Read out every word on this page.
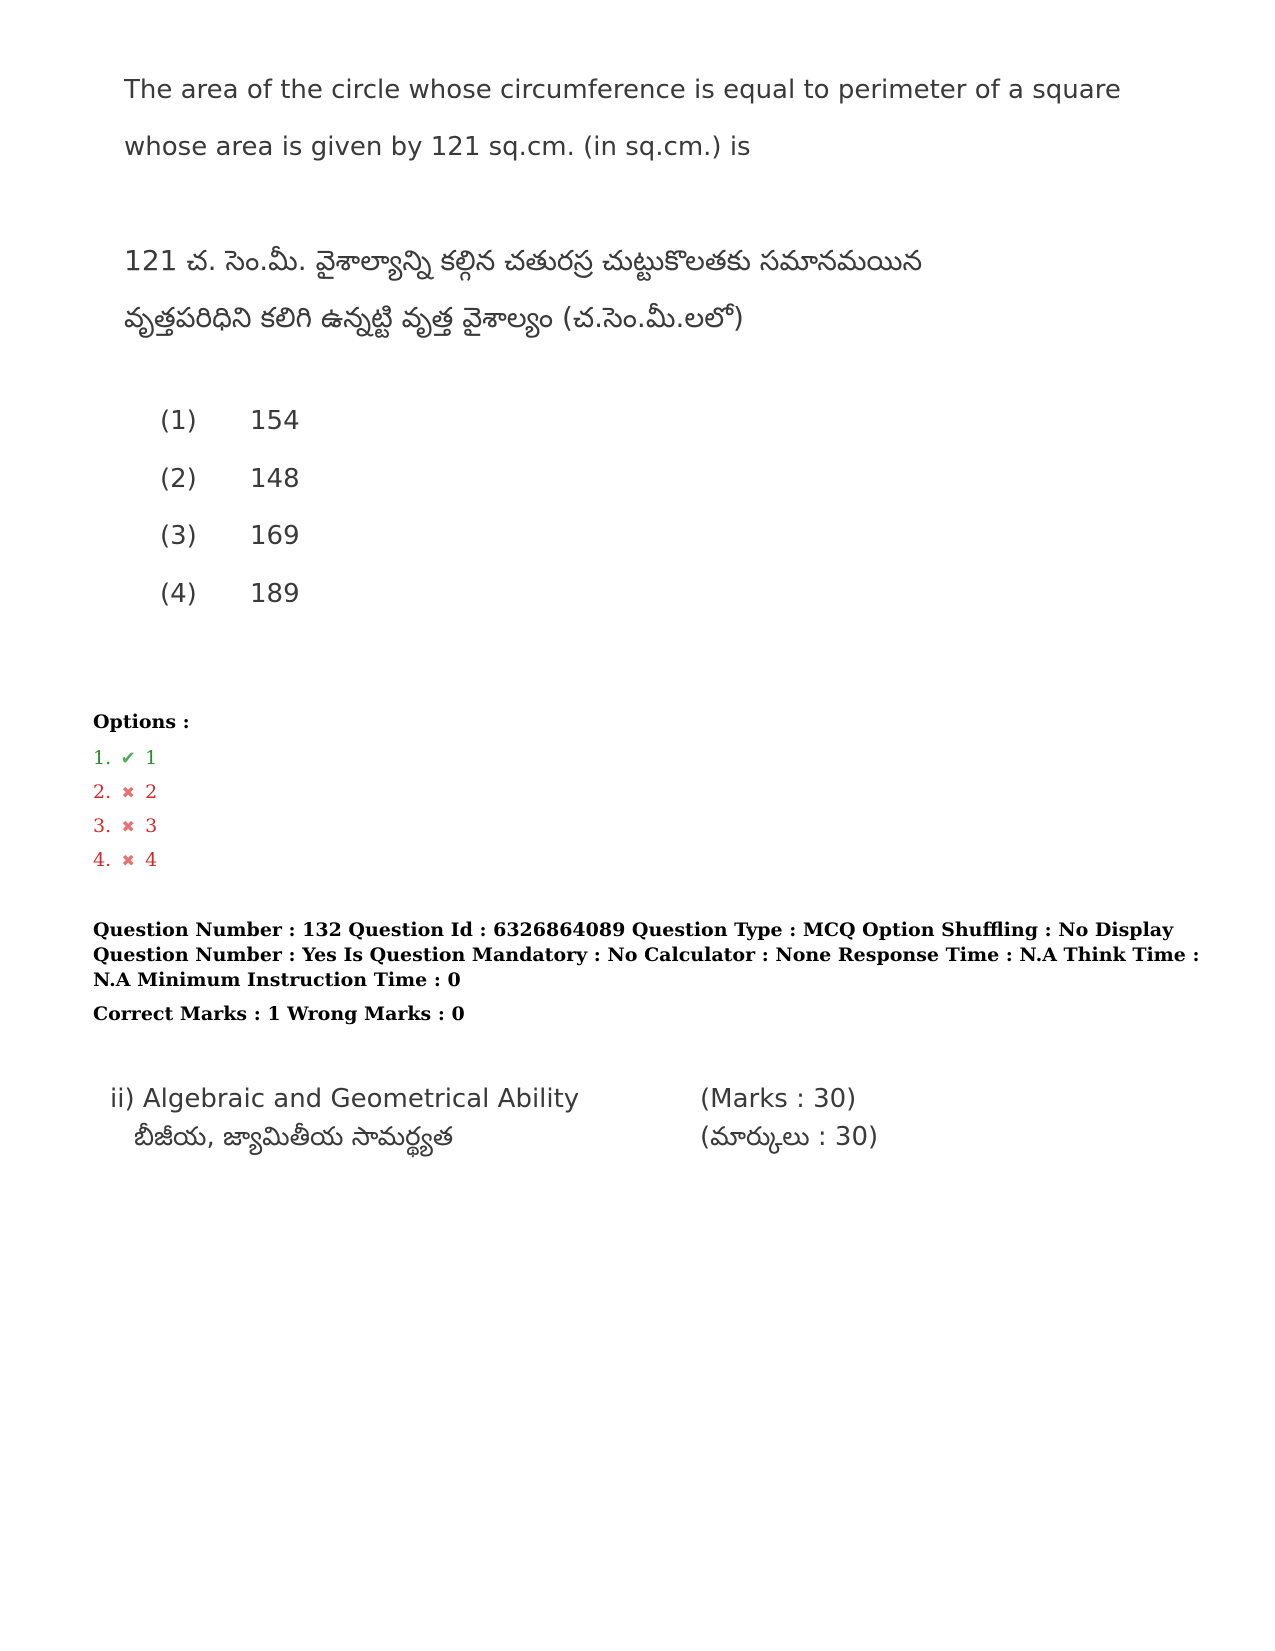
The area of the circle whose circumference is equal to perimeter of a square
whose area is given by 121 sq.cm. (in sq.cm.) is
121 చ. సెం.మీ. వైశాల్యాన్ని కల్గిన చతురస్ర చుట్టుకొలతకు సమానమయిన
వృత్తపరిధిని కలిగి ఉన్నట్టి వృత్త వైశాల్యం (చ.సెం.మీ.లలో)
(1)	154
(2)	148
(3)	169
(4)	189
Options :
1. ✔ 1
2. ✖ 2
3. ✖ 3
4. ✖ 4
Question Number : 132 Question Id : 6326864089 Question Type : MCQ Option Shuffling : No Display Question Number : Yes Is Question Mandatory : No Calculator : None Response Time : N.A Think Time : N.A Minimum Instruction Time : 0
Correct Marks : 1 Wrong Marks : 0
ii) Algebraic and Geometrical Ability	(Marks : 30)
బీజీయ, జ్యామితీయ సామర్థ్యత	(మార్కులు : 30)
